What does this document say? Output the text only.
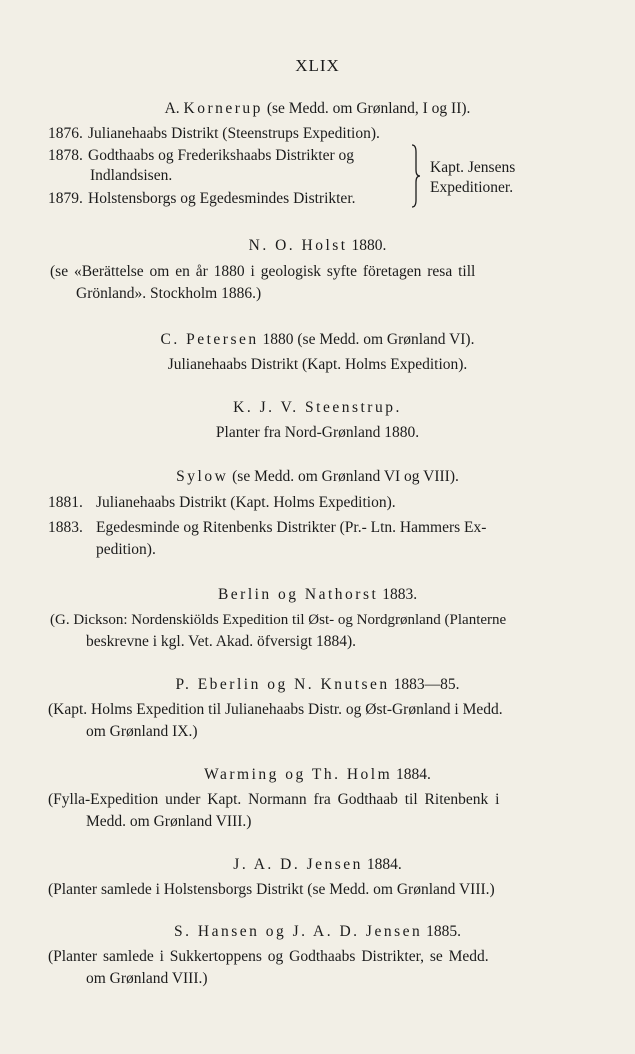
XLIX
A. Kornerup (se Medd. om Grønland, I og II).
1876. Julianehaabs Distrikt (Steenstrups Expedition).
1878. Godthaabs og Frederikshaabs Distrikter og
Indlandsisen.
1879. Holstensborgs og Egedesmindes Distrikter.
Kapt. Jensens
Expeditioner.
N. O. Holst 1880.
(se «Berättelse om en år 1880 i geologisk syfte företagen resa till
Grönland». Stockholm 1886.)
C. Petersen 1880 (se Medd. om Grønland VI).
Julianehaabs Distrikt (Kapt. Holms Expedition).
K. J. V. Steenstrup.
Planter fra Nord-Grønland 1880.
Sylow (se Medd. om Grønland VI og VIII).
1881. Julianehaabs Distrikt (Kapt. Holms Expedition).
1883. Egedesminde og Ritenbenks Distrikter (Pr.- Ltn. Hammers Ex-
pedition).
Berlin og Nathorst 1883.
(G. Dickson: Nordenskiölds Expedition til Øst- og Nordgrønland (Planterne
beskrevne i kgl. Vet. Akad. öfversigt 1884).
P. Eberlin og N. Knutsen 1883—85.
(Kapt. Holms Expedition til Julianehaabs Distr. og Øst-Grønland i Medd.
om Grønland IX.)
Warming og Th. Holm 1884.
(Fylla-Expedition under Kapt. Normann fra Godthaab til Ritenbenk i
Medd. om Grønland VIII.)
J. A. D. Jensen 1884.
(Planter samlede i Holstensborgs Distrikt (se Medd. om Grønland VIII.)
S. Hansen og J. A. D. Jensen 1885.
(Planter samlede i Sukkertoppens og Godthaabs Distrikter, se Medd.
om Grønland VIII.)
